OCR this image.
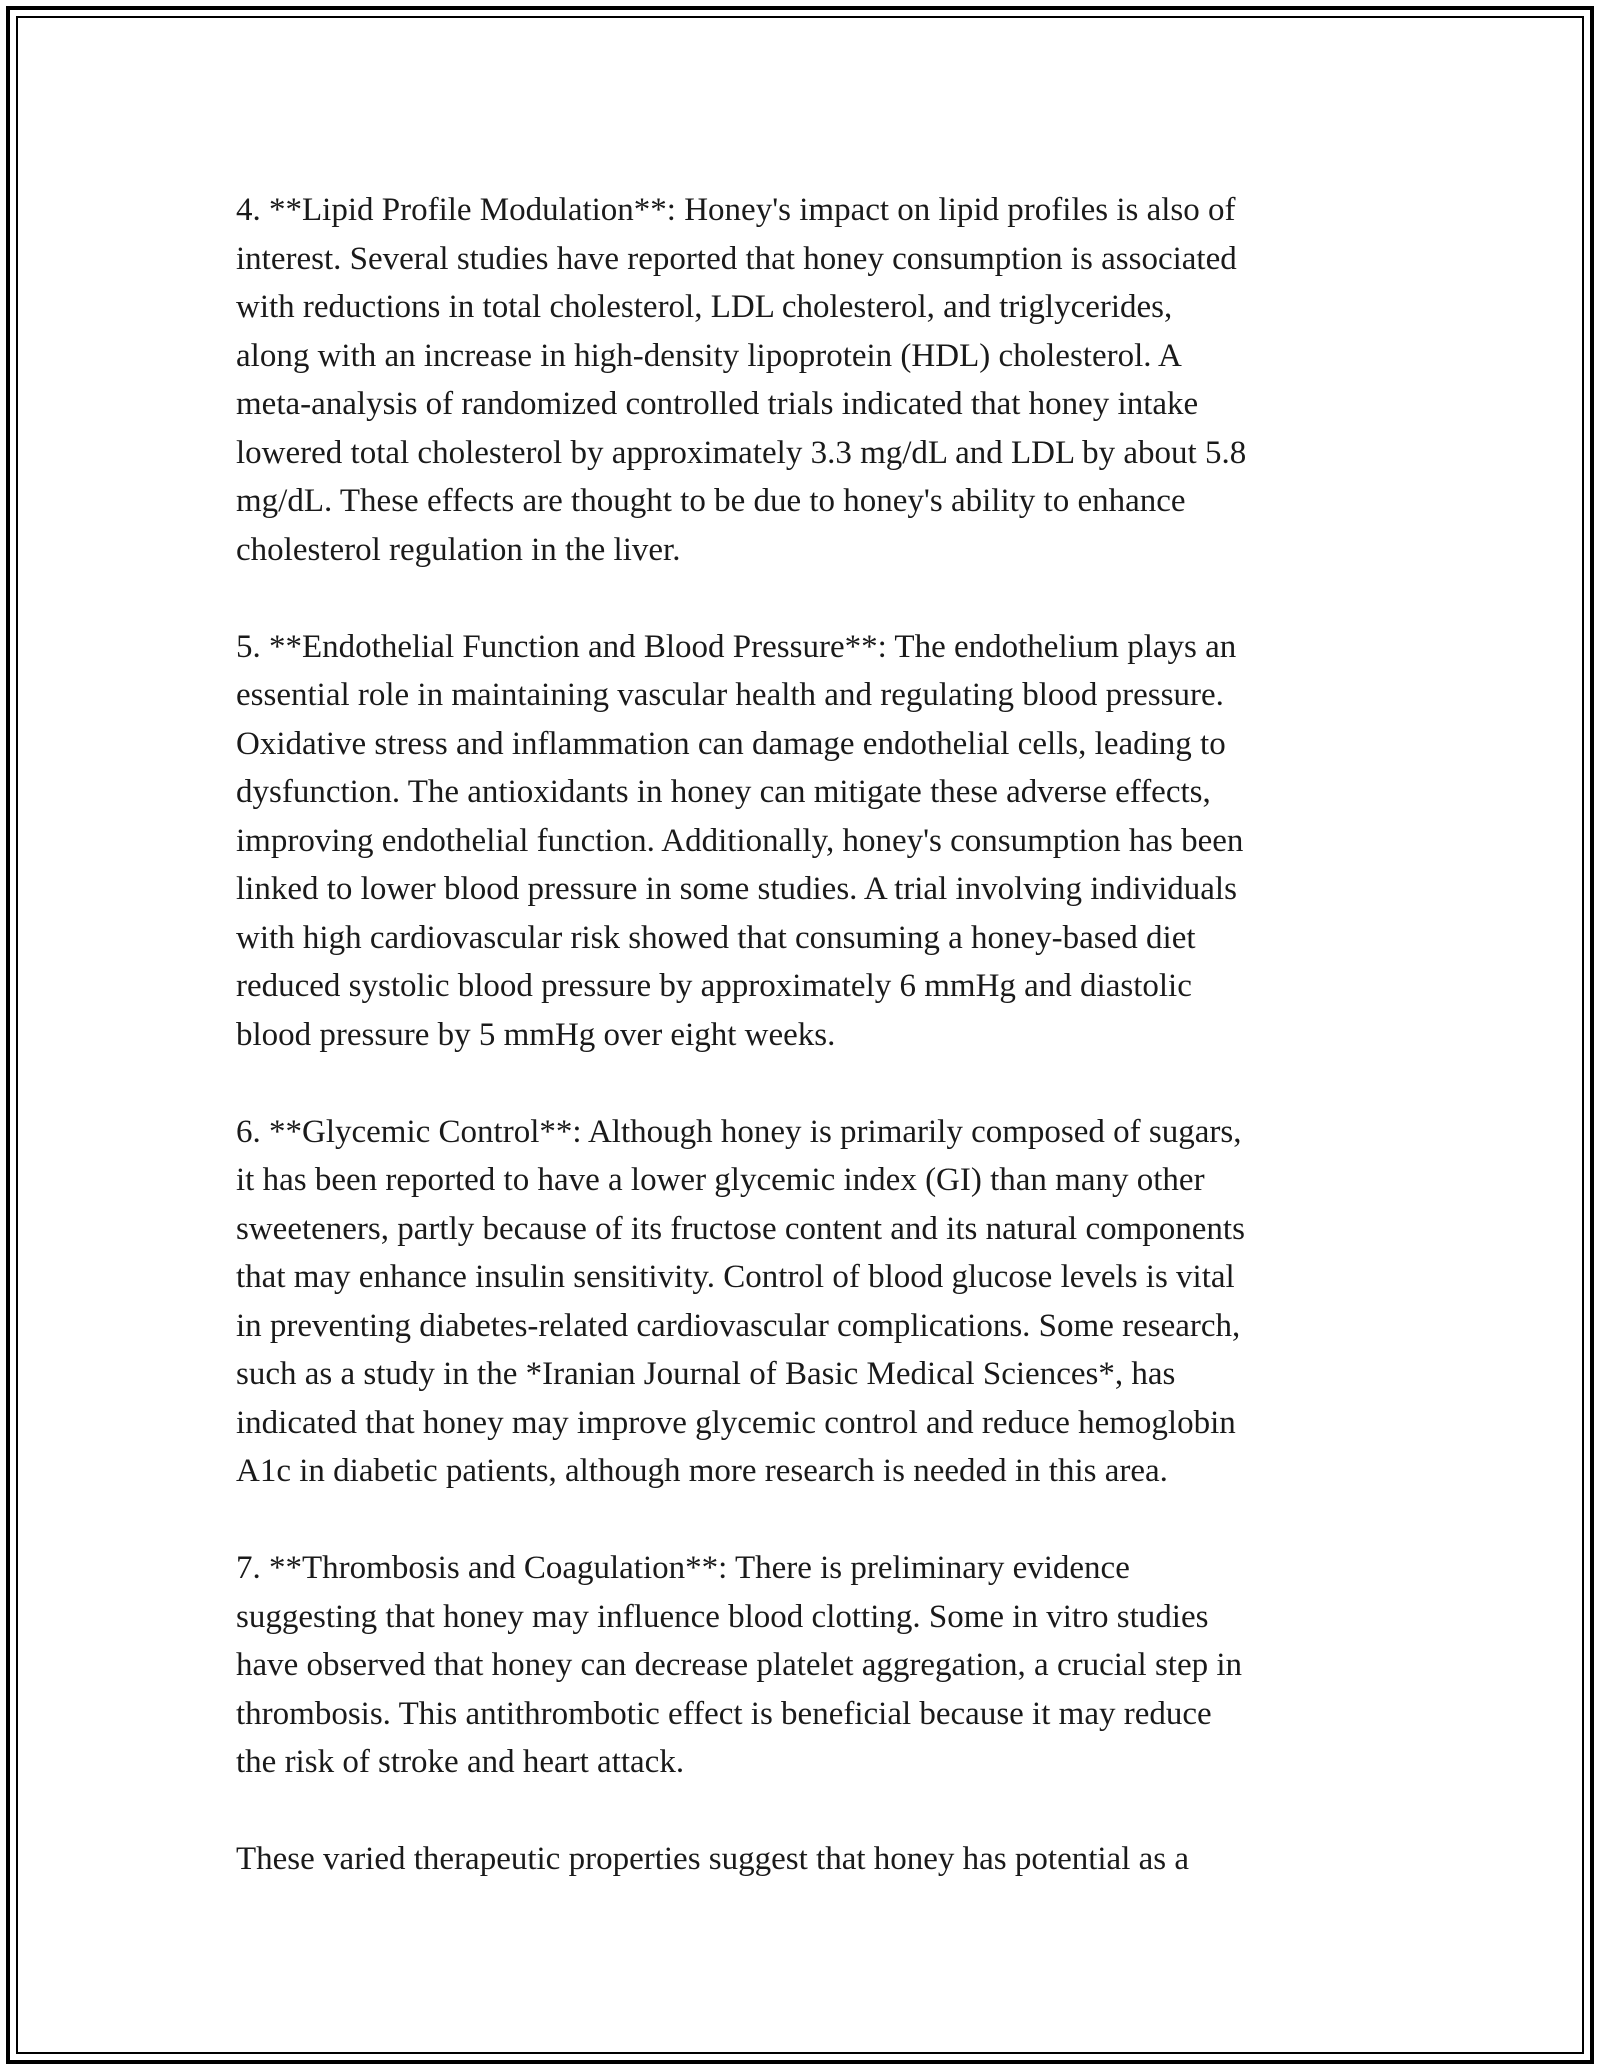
4. **Lipid Profile Modulation**: Honey's impact on lipid profiles is also of
interest. Several studies have reported that honey consumption is associated
with reductions in total cholesterol, LDL cholesterol, and triglycerides,
along with an increase in high-density lipoprotein (HDL) cholesterol. A
meta-analysis of randomized controlled trials indicated that honey intake
lowered total cholesterol by approximately 3.3 mg/dL and LDL by about 5.8
mg/dL. These effects are thought to be due to honey's ability to enhance
cholesterol regulation in the liver.

5. **Endothelial Function and Blood Pressure**: The endothelium plays an
essential role in maintaining vascular health and regulating blood pressure.
Oxidative stress and inflammation can damage endothelial cells, leading to
dysfunction. The antioxidants in honey can mitigate these adverse effects,
improving endothelial function. Additionally, honey's consumption has been
linked to lower blood pressure in some studies. A trial involving individuals
with high cardiovascular risk showed that consuming a honey-based diet
reduced systolic blood pressure by approximately 6 mmHg and diastolic
blood pressure by 5 mmHg over eight weeks.

6. **Glycemic Control**: Although honey is primarily composed of sugars,
it has been reported to have a lower glycemic index (GI) than many other
sweeteners, partly because of its fructose content and its natural components
that may enhance insulin sensitivity. Control of blood glucose levels is vital
in preventing diabetes-related cardiovascular complications. Some research,
such as a study in the *Iranian Journal of Basic Medical Sciences*, has
indicated that honey may improve glycemic control and reduce hemoglobin
A1c in diabetic patients, although more research is needed in this area.

7. **Thrombosis and Coagulation**: There is preliminary evidence
suggesting that honey may influence blood clotting. Some in vitro studies
have observed that honey can decrease platelet aggregation, a crucial step in
thrombosis. This antithrombotic effect is beneficial because it may reduce
the risk of stroke and heart attack.

These varied therapeutic properties suggest that honey has potential as a
